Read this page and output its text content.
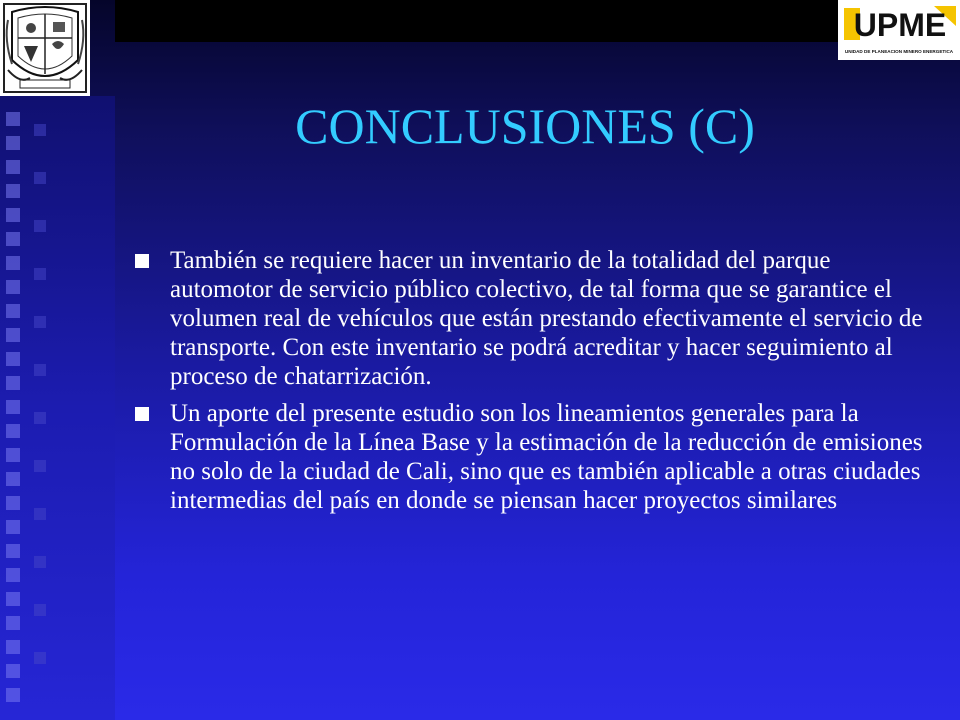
UPME
UNIDAD DE PLANEACION MINERO ENERGETICA
CONCLUSIONES (C)
También se requiere hacer un inventario de la totalidad del parque automotor de servicio público colectivo, de tal forma que se garantice el volumen real de vehículos que están prestando efectivamente el servicio de transporte. Con este inventario se podrá acreditar y hacer seguimiento al proceso de chatarrización.
Un aporte del presente estudio son los lineamientos generales para la Formulación de la Línea Base y la estimación de la reducción de emisiones no solo de la ciudad de Cali, sino que es también aplicable a otras ciudades intermedias del país en donde se piensan hacer proyectos similares
